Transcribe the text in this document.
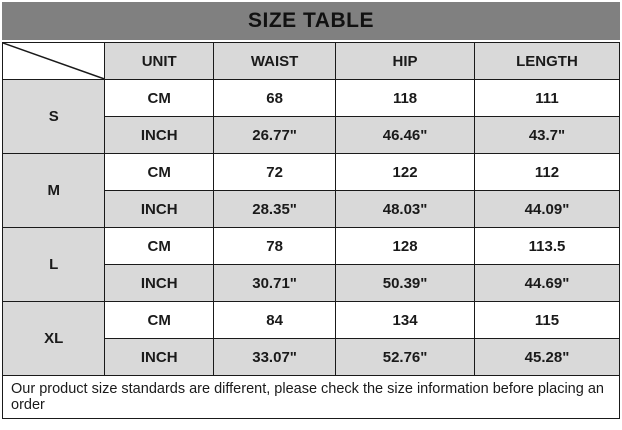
SIZE TABLE
	UNIT	WAIST	HIP	LENGTH
S	CM	68	118	111
	INCH	26.77"	46.46"	43.7"
M	CM	72	122	112
	INCH	28.35"	48.03"	44.09"
L	CM	78	128	113.5
	INCH	30.71"	50.39"	44.69"
XL	CM	84	134	115
	INCH	33.07"	52.76"	45.28"
Our product size standards are different, please check the size information before placing an order				
